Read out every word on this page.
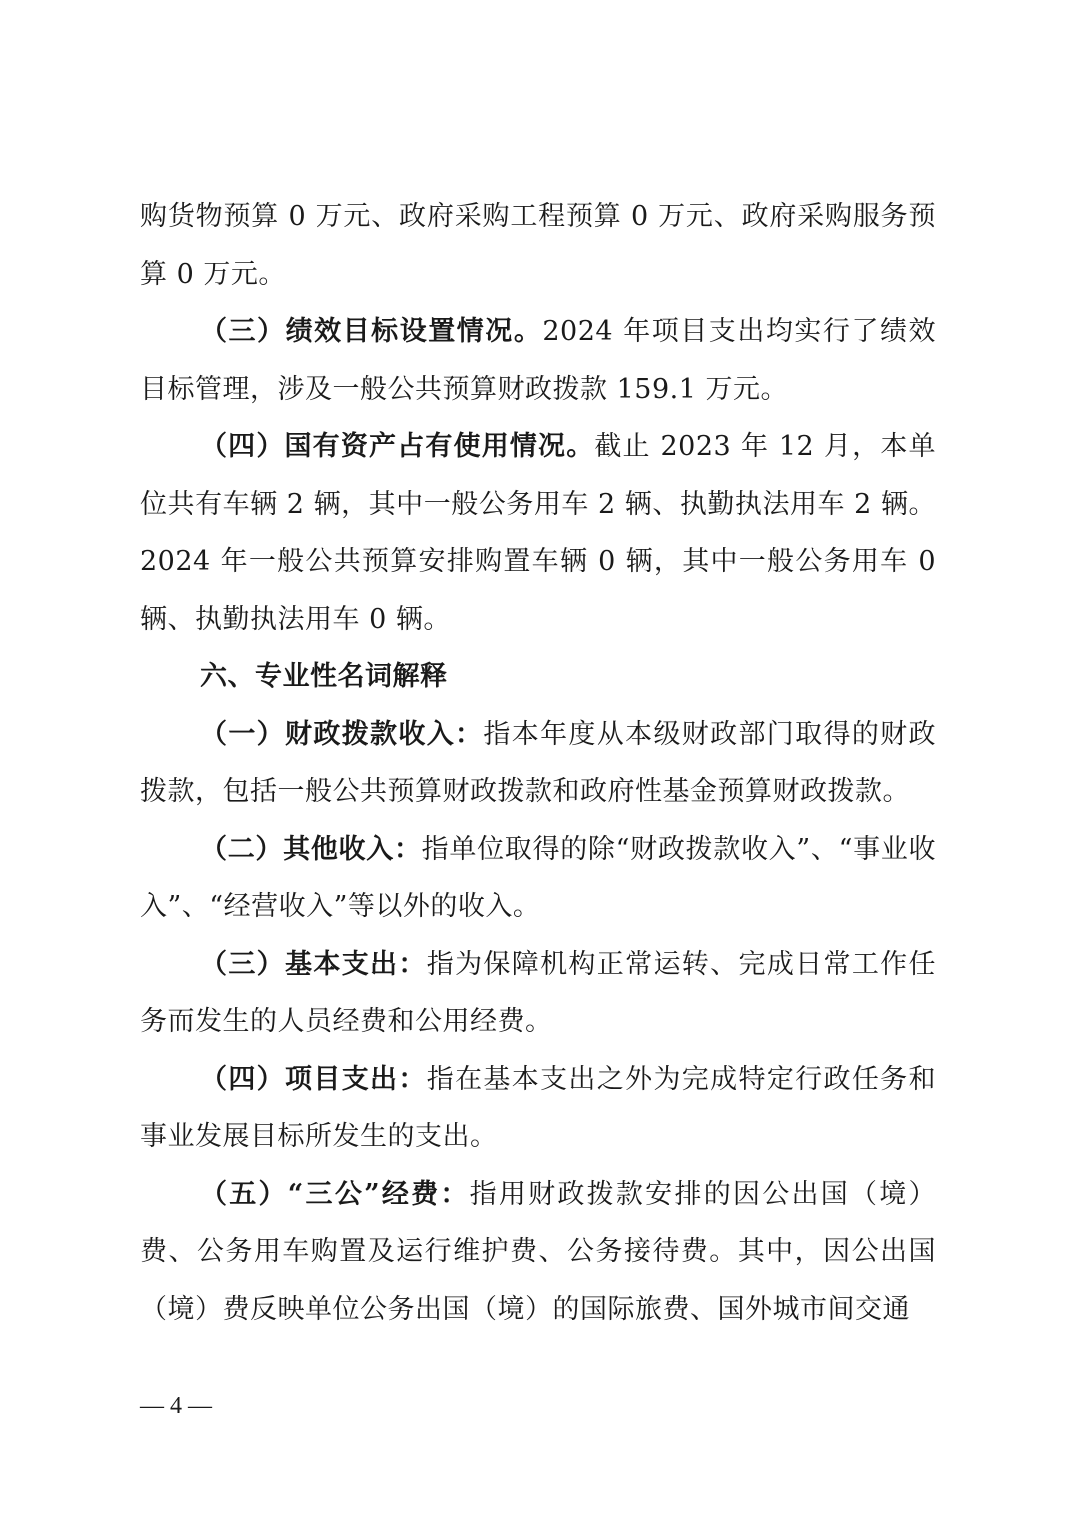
购货物预算 0 万元、政府采购工程预算 0 万元、政府采购服务预算 0 万元。

（三）绩效目标设置情况。2024 年项目支出均实行了绩效目标管理，涉及一般公共预算财政拨款 159.1 万元。

（四）国有资产占有使用情况。截止 2023 年 12 月，本单位共有车辆 2 辆，其中一般公务用车 2 辆、执勤执法用车 2 辆。2024 年一般公共预算安排购置车辆 0 辆，其中一般公务用车 0 辆、执勤执法用车 0 辆。

六、专业性名词解释

（一）财政拨款收入：指本年度从本级财政部门取得的财政拨款，包括一般公共预算财政拨款和政府性基金预算财政拨款。

（二）其他收入：指单位取得的除“财政拨款收入”、“事业收入”、“经营收入”等以外的收入。

（三）基本支出：指为保障机构正常运转、完成日常工作任务而发生的人员经费和公用经费。

（四）项目支出：指在基本支出之外为完成特定行政任务和事业发展目标所发生的支出。

（五）“三公”经费：指用财政拨款安排的因公出国（境）费、公务用车购置及运行维护费、公务接待费。其中，因公出国（境）费反映单位公务出国（境）的国际旅费、国外城市间交通

— 4 —
